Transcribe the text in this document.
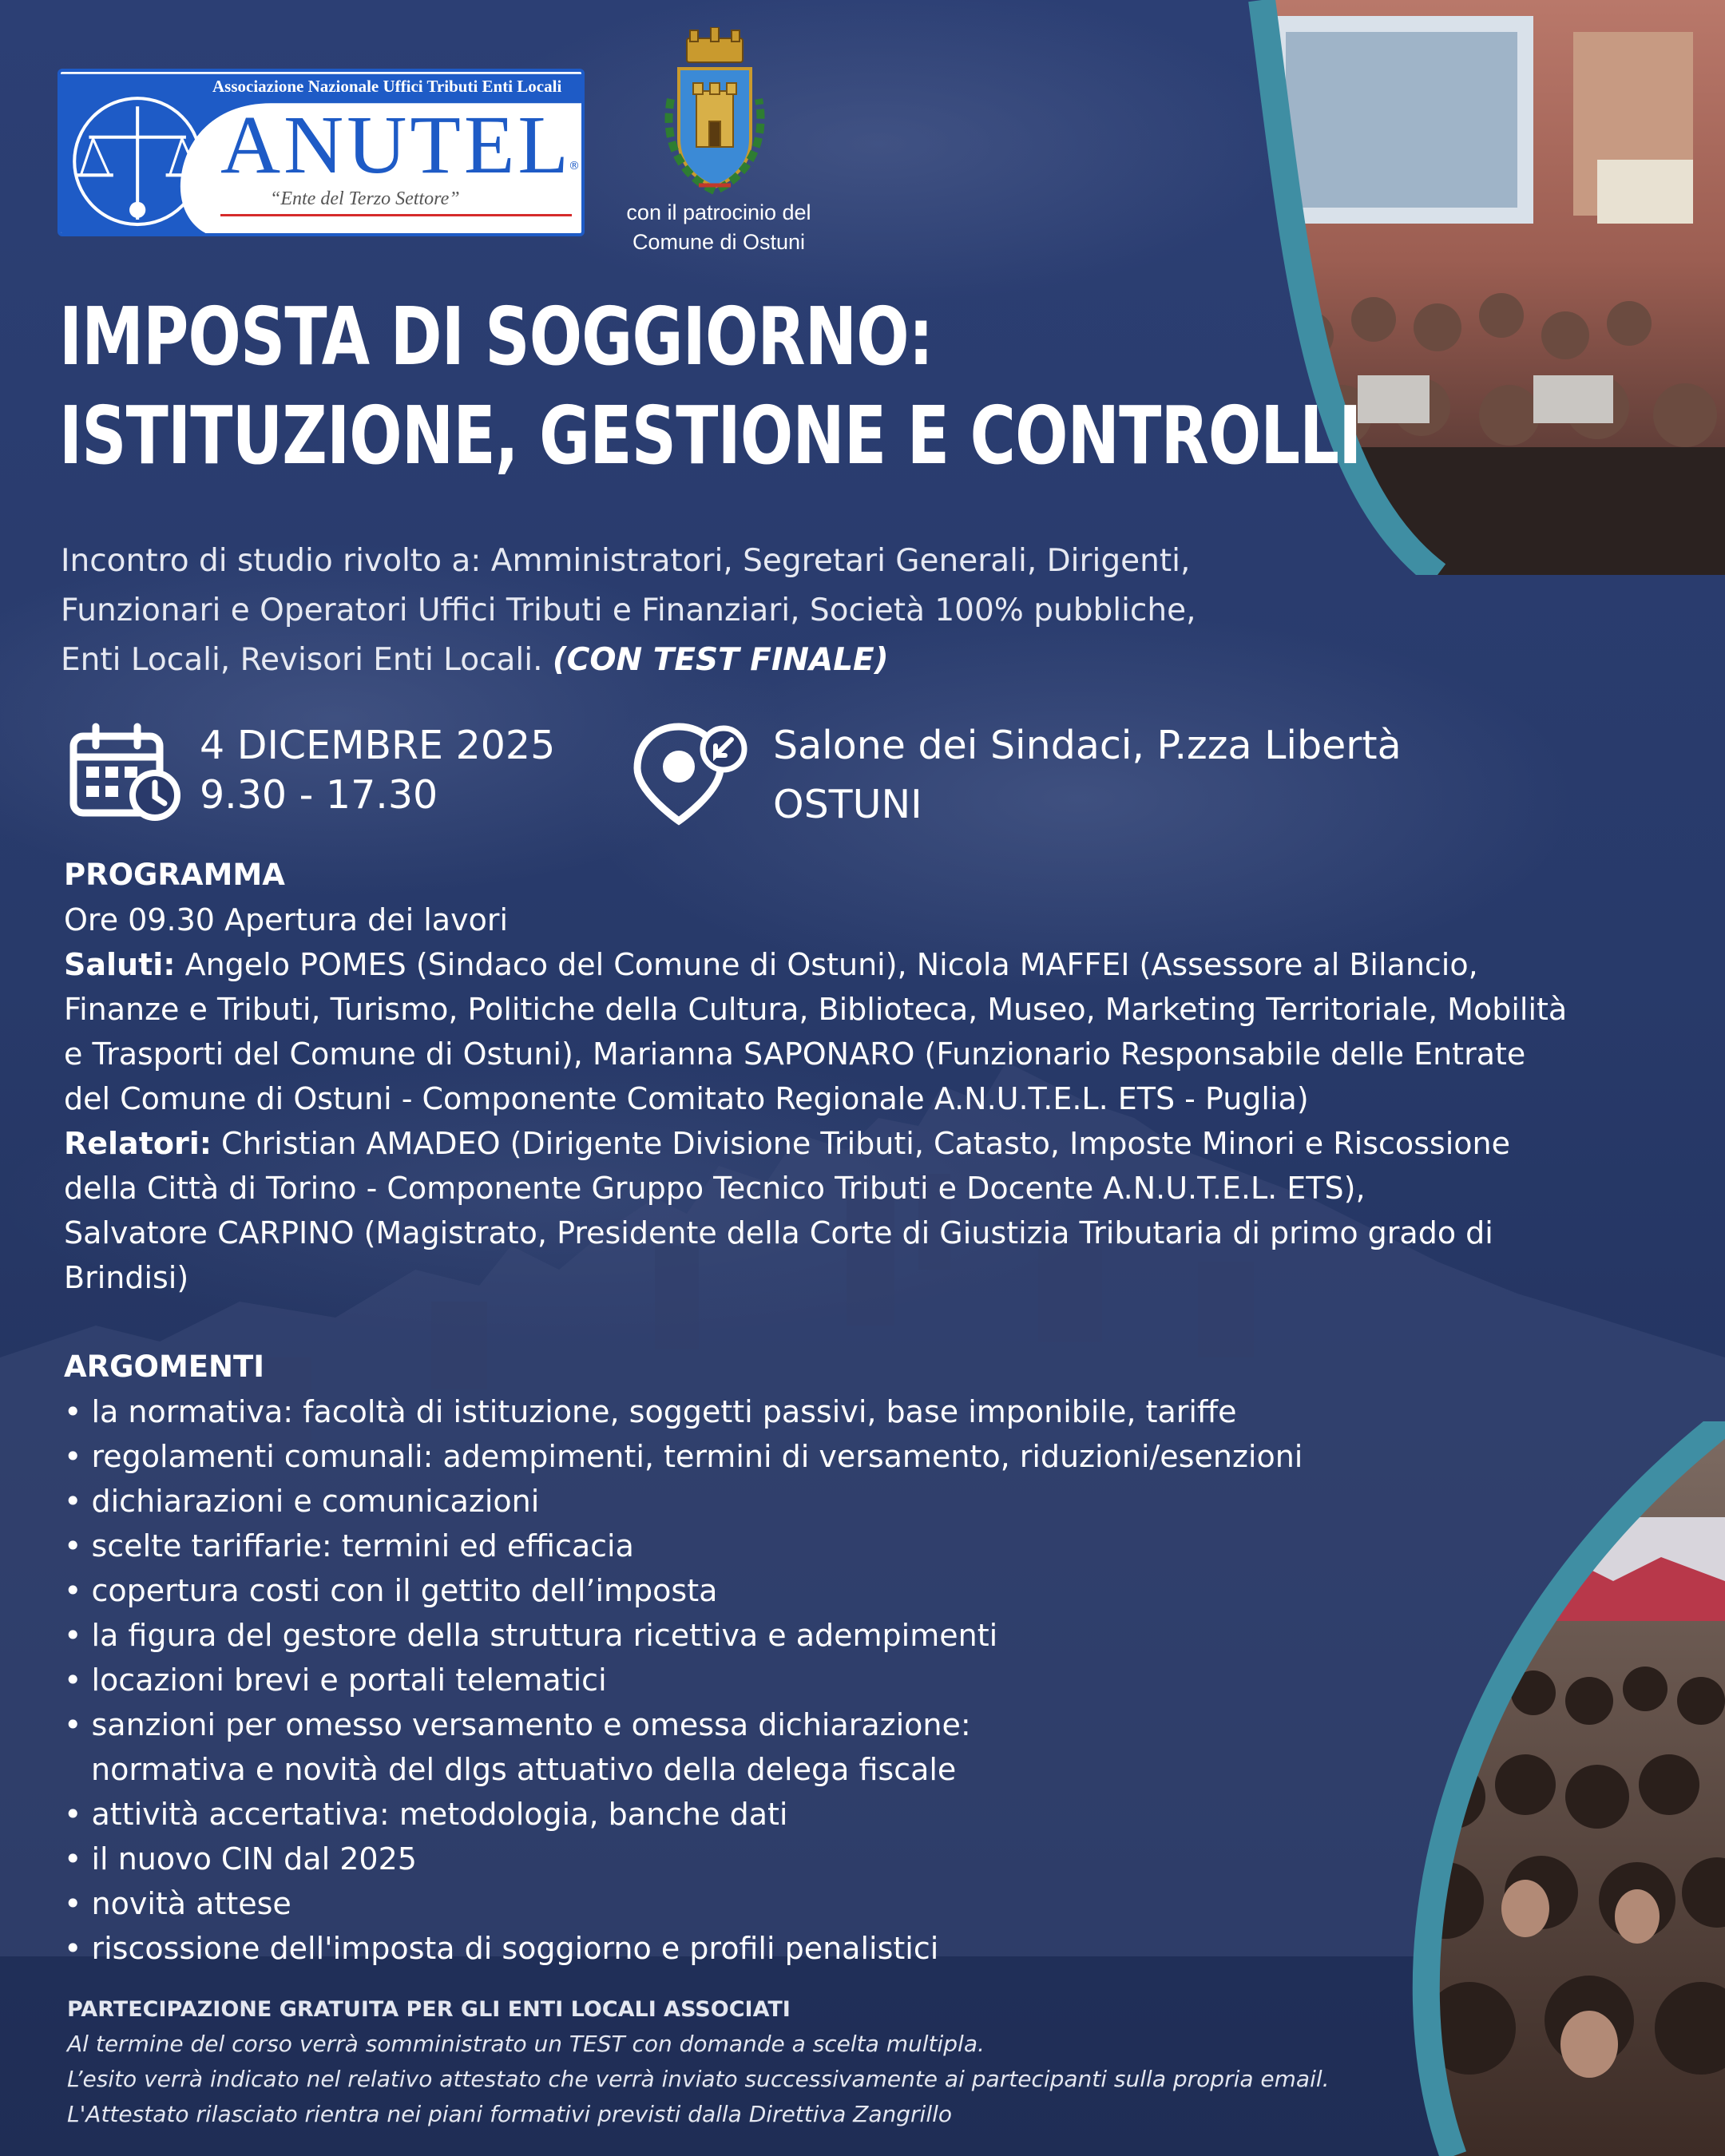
Associazione Nazionale Uffici Tributi Enti Locali
ANUTEL
®
“Ente del Terzo Settore”
con il patrocinio del
Comune di Ostuni
IMPOSTA DI SOGGIORNO:
ISTITUZIONE, GESTIONE E CONTROLLI
Incontro di studio rivolto a: Amministratori, Segretari Generali, Dirigenti,
Funzionari e Operatori Uffici Tributi e Finanziari, Società 100% pubbliche,
Enti Locali, Revisori Enti Locali. (CON TEST FINALE)
4 DICEMBRE 2025
9.30 - 17.30
Salone dei Sindaci, P.zza Libertà
OSTUNI

PROGRAMMA

Ore 09.30 Apertura dei lavori

Saluti: Angelo POMES (Sindaco del Comune di Ostuni), Nicola MAFFEI (Assessore al Bilancio,

Finanze e Tributi, Turismo, Politiche della Cultura, Biblioteca, Museo, Marketing Territoriale, Mobilità

e Trasporti del Comune di Ostuni), Marianna SAPONARO (Funzionario Responsabile delle Entrate

del Comune di Ostuni - Componente Comitato Regionale A.N.U.T.E.L. ETS - Puglia)

Relatori: Christian AMADEO (Dirigente Divisione Tributi, Catasto, Imposte Minori e Riscossione

della Città di Torino - Componente Gruppo Tecnico Tributi e Docente A.N.U.T.E.L. ETS),

Salvatore CARPINO (Magistrato, Presidente della Corte di Giustizia Tributaria di primo grado di

Brindisi)

ARGOMENTI
• la normativa: facoltà di istituzione, soggetti passivi, base imponibile, tariffe
• regolamenti comunali: adempimenti, termini di versamento, riduzioni/esenzioni
• dichiarazioni e comunicazioni
• scelte tariffarie: termini ed efficacia
• copertura costi con il gettito dell’imposta
• la figura del gestore della struttura ricettiva e adempimenti
• locazioni brevi e portali telematici
• sanzioni per omesso versamento e omessa dichiarazione:
normativa e novità del dlgs attuativo della delega fiscale
• attività accertativa: metodologia, banche dati
• il nuovo CIN dal 2025
• novità attese
• riscossione dell'imposta di soggiorno e profili penalistici
PARTECIPAZIONE GRATUITA PER GLI ENTI LOCALI ASSOCIATI
Al termine del corso verrà somministrato un TEST con domande a scelta multipla.
L’esito verrà indicato nel relativo attestato che verrà inviato successivamente ai partecipanti sulla propria email.
L'Attestato rilasciato rientra nei piani formativi previsti dalla Direttiva Zangrillo
